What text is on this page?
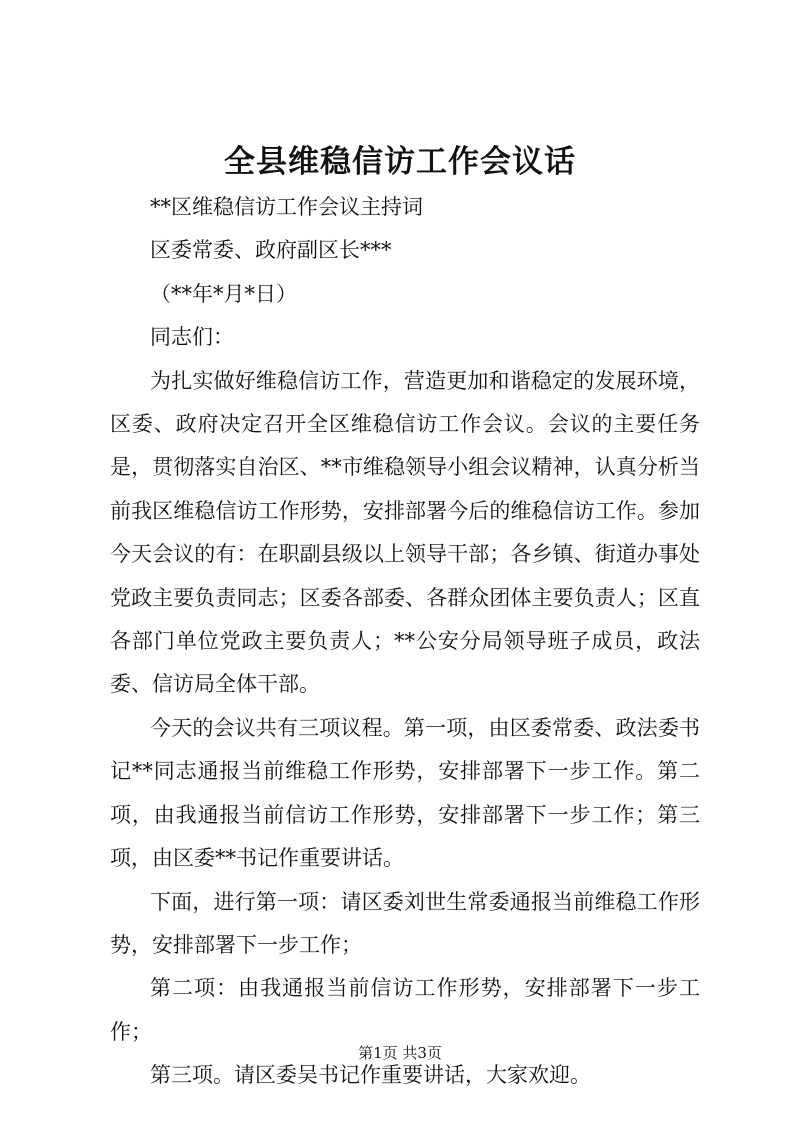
全县维稳信访工作会议话
**区维稳信访工作会议主持词
区委常委、政府副区长***
（**年*月*日）
同志们：

为扎实做好维稳信访工作，营造更加和谐稳定的发展环境，区委、政府决定召开全区维稳信访工作会议。会议的主要任务是，贯彻落实自治区、**市维稳领导小组会议精神，认真分析当前我区维稳信访工作形势，安排部署今后的维稳信访工作。参加今天会议的有：在职副县级以上领导干部；各乡镇、街道办事处党政主要负责同志；区委各部委、各群众团体主要负责人；区直各部门单位党政主要负责人；**公安分局领导班子成员，政法委、信访局全体干部。

今天的会议共有三项议程。第一项，由区委常委、政法委书记**同志通报当前维稳工作形势，安排部署下一步工作。第二项，由我通报当前信访工作形势，安排部署下一步工作；第三项，由区委**书记作重要讲话。

下面，进行第一项：请区委刘世生常委通报当前维稳工作形势，安排部署下一步工作；

第二项：由我通报当前信访工作形势，安排部署下一步工作；

第三项。请区委吴书记作重要讲话，大家欢迎。

第1页 共3页
